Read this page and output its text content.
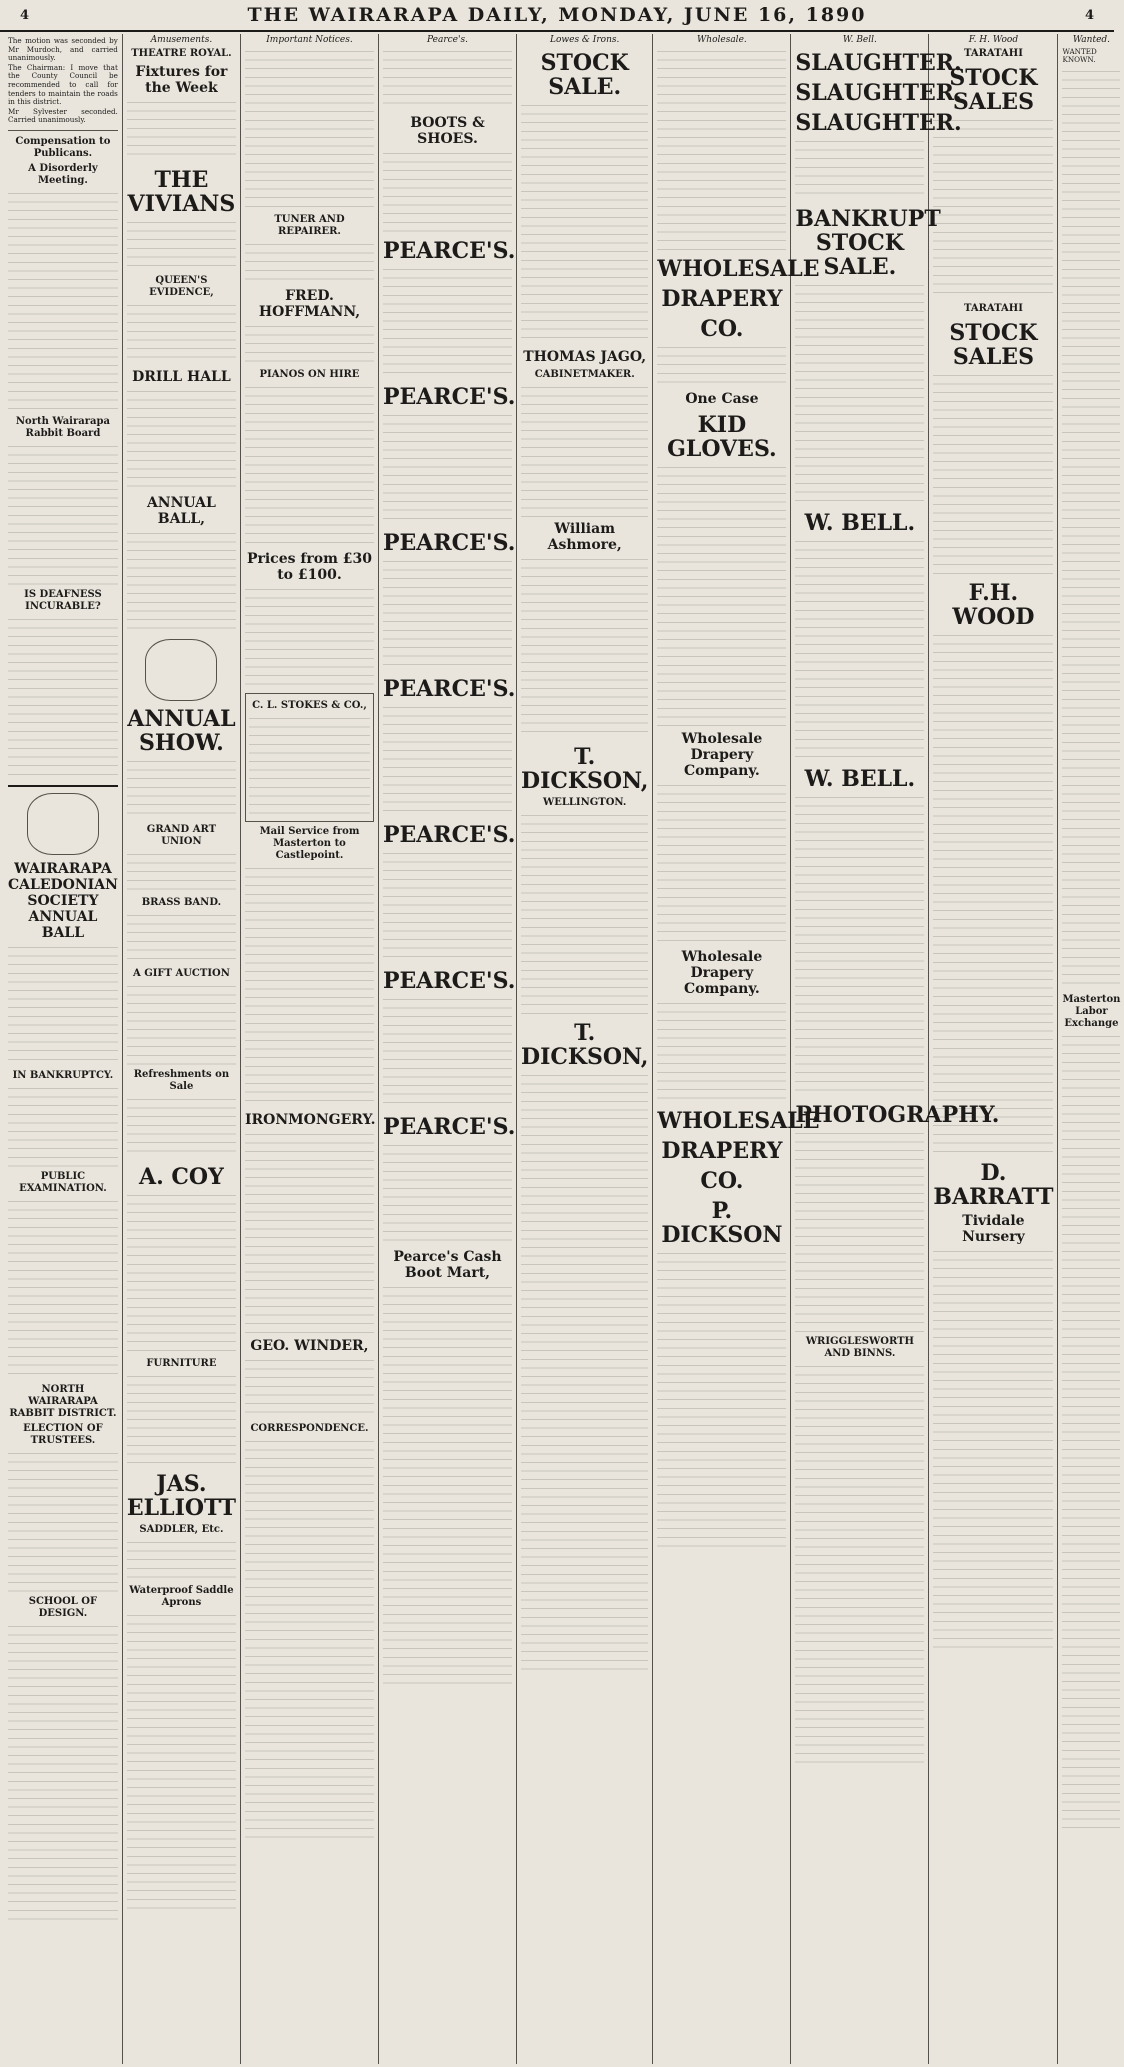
4	THE WAIRARAPA DAILY, MONDAY, JUNE 16, 1890	4

The motion was seconded by Mr Murdoch, and carried unanimously.

The Chairman: I move that the County Council be recommended to call for tenders to maintain the roads in this district.

Mr Sylvester seconded. Carried unanimously.

Compensation to Publicans.
A Disorderly Meeting.
North Wairarapa Rabbit Board
IS DEAFNESS INCURABLE?
WAIRARAPA CALEDONIAN SOCIETY ANNUAL BALL
IN BANKRUPTCY.
PUBLIC EXAMINATION.
NORTH WAIRARAPA RABBIT DISTRICT.
ELECTION OF TRUSTEES.
SCHOOL OF DESIGN.
Amusements.
THEATRE ROYAL.
Fixtures for the Week
THE VIVIANS
QUEEN'S EVIDENCE,
DRILL HALL
ANNUAL BALL,
ANNUAL SHOW.
GRAND ART UNION
BRASS BAND.
A GIFT AUCTION
Refreshments on Sale
A. COY
FURNITURE
JAS. ELLIOTT
SADDLER, Etc.
Waterproof Saddle Aprons
Important Notices.
TUNER AND REPAIRER.
FRED. HOFFMANN,
PIANOS ON HIRE
Prices from £30 to £100.
C. L. STOKES & CO.,
Mail Service from Masterton to Castlepoint.
IRONMONGERY.
GEO. WINDER,
CORRESPONDENCE.
Pearce's.
BOOTS & SHOES.
PEARCE'S.
PEARCE'S.
PEARCE'S.
PEARCE'S.
PEARCE'S.
PEARCE'S.
PEARCE'S.
Pearce's Cash Boot Mart,
Lowes & Irons.
STOCK SALE.
THOMAS JAGO,
CABINETMAKER.
William Ashmore,
T. DICKSON,
WELLINGTON.
T. DICKSON,
Wholesale.
WHOLESALE
DRAPERY
CO.
One Case
KID GLOVES.
Wholesale Drapery Company.
Wholesale Drapery Company.
WHOLESALE
DRAPERY
CO.
P. DICKSON
W. Bell.
SLAUGHTER.
SLAUGHTER.
SLAUGHTER.
BANKRUPT STOCK SALE.
W. BELL.
W. BELL.
PHOTOGRAPHY.
WRIGGLESWORTH AND BINNS.
F. H. Wood
TARATAHI
STOCK SALES
TARATAHI
STOCK SALES
F.H. WOOD
D. BARRATT
Tividale Nursery
Wanted.
WANTED KNOWN.
Masterton Labor Exchange
